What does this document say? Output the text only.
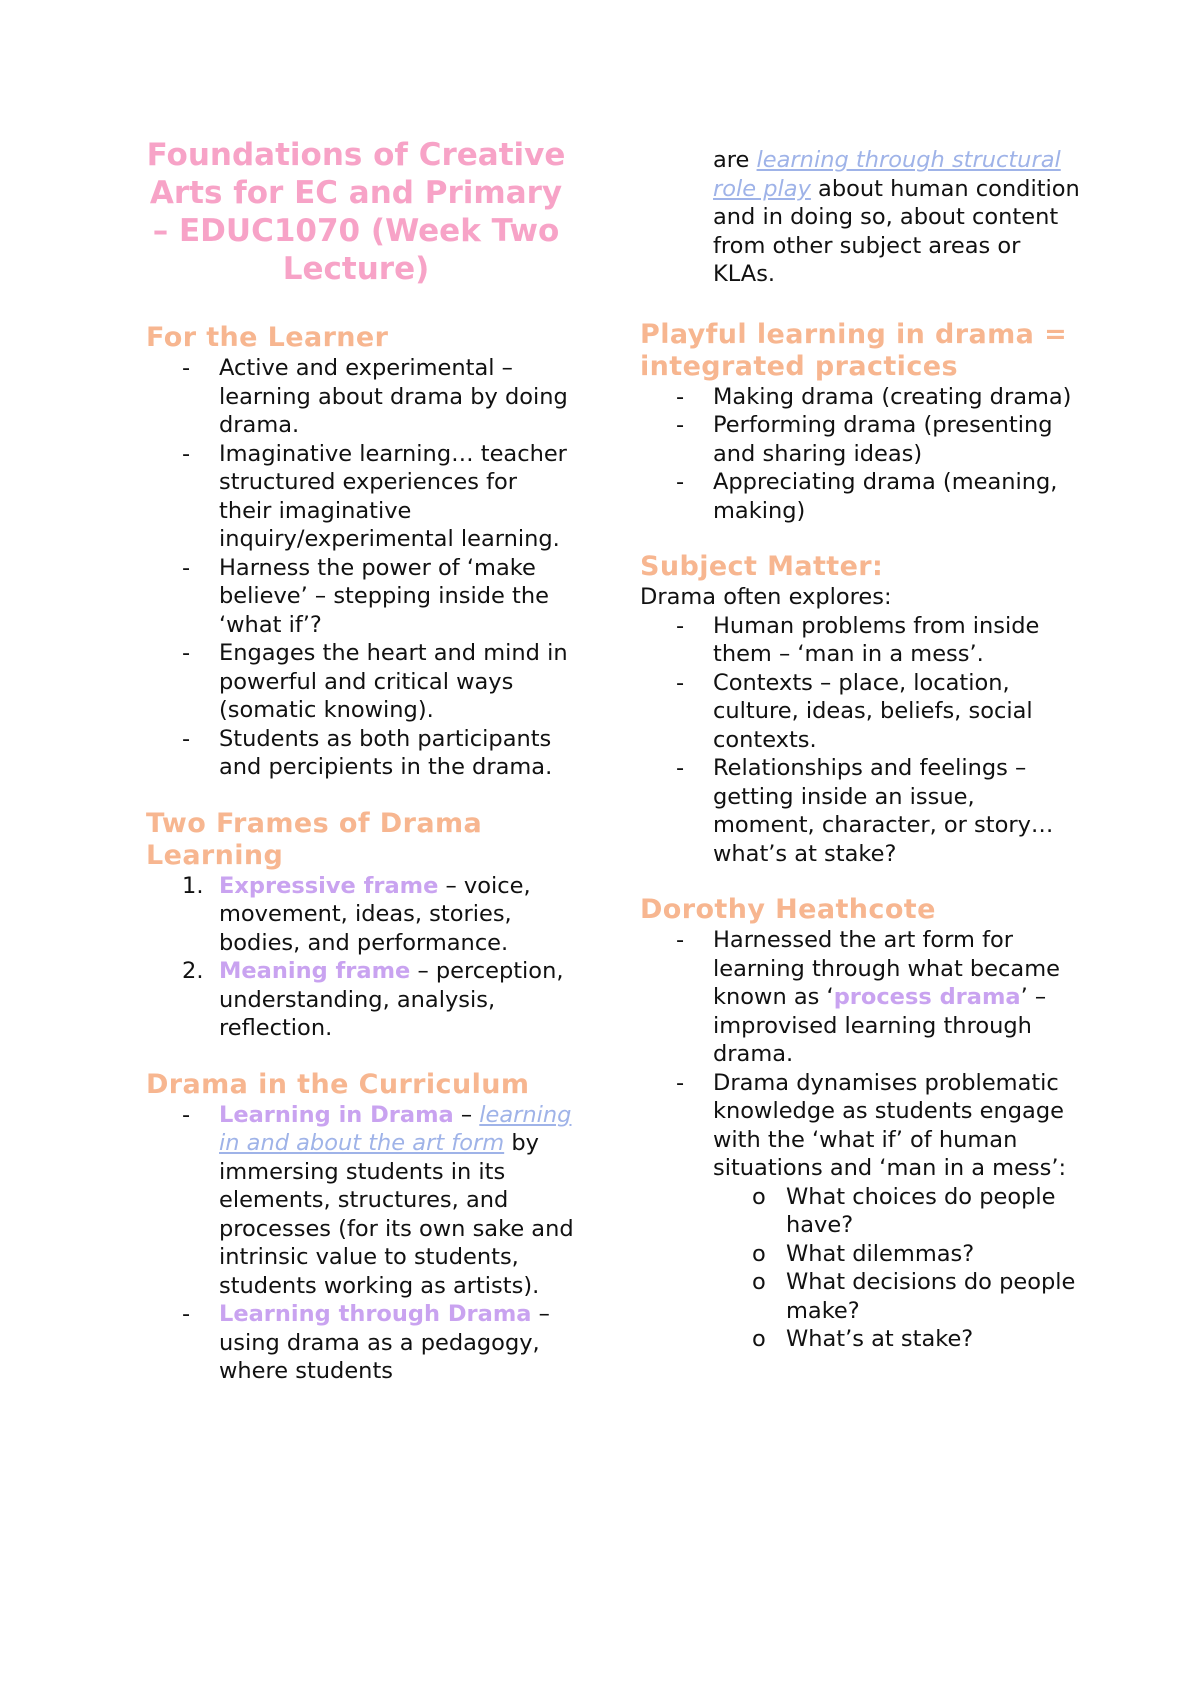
Foundations of Creative Arts for EC and Primary – EDUC1070 (Week Two Lecture)
For the Learner
- Active and experimental – learning about drama by doing drama.
- Imaginative learning… teacher structured experiences for their imaginative inquiry/experimental learning.
- Harness the power of ‘make believe’ – stepping inside the ‘what if’?
- Engages the heart and mind in powerful and critical ways (somatic knowing).
- Students as both participants and percipients in the drama.
Two Frames of Drama Learning
1. Expressive frame – voice, movement, ideas, stories, bodies, and performance.
2. Meaning frame – perception, understanding, analysis, reflection.
Drama in the Curriculum
- Learning in Drama – learning in and about the art form by immersing students in its elements, structures, and processes (for its own sake and intrinsic value to students, students working as artists).
- Learning through Drama – using drama as a pedagogy, where students
are learning through structural role play about human condition and in doing so, about content from other subject areas or KLAs.
Playful learning in drama = integrated practices
- Making drama (creating drama)
- Performing drama (presenting and sharing ideas)
- Appreciating drama (meaning, making)
Subject Matter:

Drama often explores:

- Human problems from inside them – ‘man in a mess’.
- Contexts – place, location, culture, ideas, beliefs, social contexts.
- Relationships and feelings – getting inside an issue, moment, character, or story…what’s at stake?
Dorothy Heathcote
- Harnessed the art form for learning through what became known as ‘process drama’ – improvised learning through drama.
- Drama dynamises problematic knowledge as students engage with the ‘what if’ of human situations and ‘man in a mess’:
o What choices do people have?
o What dilemmas?
o What decisions do people make?
o What’s at stake?
